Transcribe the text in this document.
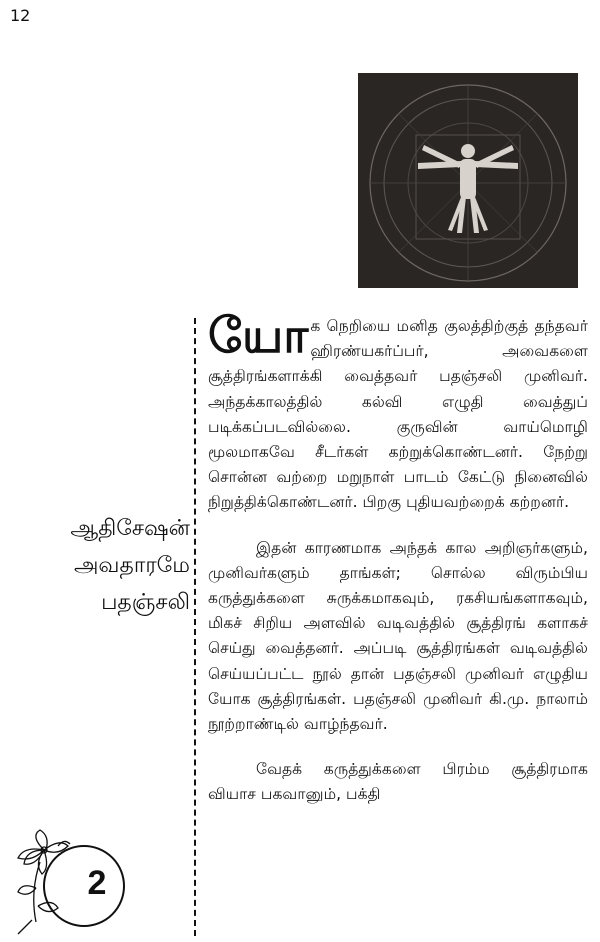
12
ஆதிசேஷன்
அவதாரமே
பதஞ்சலி

யோக நெறியை மனித குலத்திற்குத் தந்தவர் ஹிரண்யகர்ப்பர், அவைகளை சூத்திரங்களாக்கி வைத்தவர் பதஞ்சலி முனிவர். அந்தக்காலத்தில் கல்வி எழுதி வைத்துப் படிக்கப்படவில்லை. குருவின் வாய்மொழி மூலமாகவே சீடர்கள் கற்றுக்கொண்டனர். நேற்று சொன்ன வற்றை மறுநாள் பாடம் கேட்டு நினைவில் நிறுத்திக்கொண்டனர். பிறகு புதியவற்றைக் கற்றனர்.

இதன் காரணமாக அந்தக் கால அறிஞர்களும், முனிவர்களும் தாங்கள்; சொல்ல விரும்பிய கருத்துக்களை சுருக்கமாகவும், ரகசியங்களாகவும், மிகச் சிறிய அளவில் வடிவத்தில் சூத்திரங் களாகச் செய்து வைத்தனர். அப்படி சூத்திரங்கள் வடிவத்தில் செய்யப்பட்ட நூல் தான் பதஞ்சலி முனிவர் எழுதிய யோக சூத்திரங்கள். பதஞ்சலி முனிவர் கி.மு. நாலாம் நூற்றாண்டில் வாழ்ந்தவர்.

வேதக் கருத்துக்களை பிரம்ம சூத்திரமாக வியாச பகவானும், பக்தி

2
